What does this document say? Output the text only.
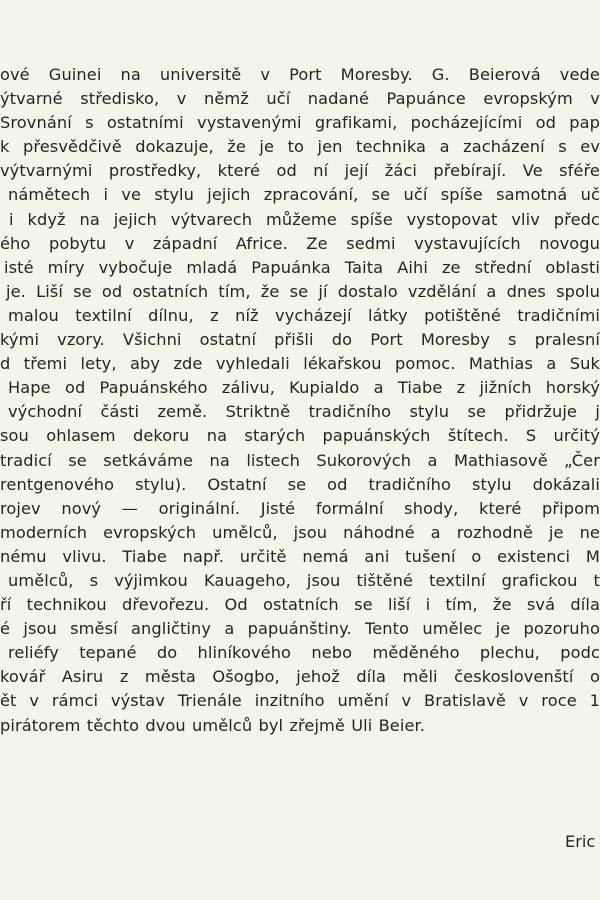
ové Guinei na universitě v Port Moresby. G. Beierová vede
ýtvarné středisko, v němž učí nadané Papuánce evropským v
Srovnání s ostatními vystavenými grafikami, pocházejícími od pap
k přesvědčivě dokazuje, že je to jen technika a zacházení s ev
výtvarnými prostředky, které od ní její žáci přebírají. Ve sféře
námětech i ve stylu jejich zpracování, se učí spíše samotná uč
i když na jejich výtvarech můžeme spíše vystopovat vliv předc
ého pobytu v západní Africe. Ze sedmi vystavujících novogu
isté míry vybočuje mladá Papuánka Taita Aihi ze střední oblasti
je. Liší se od ostatních tím, že se jí dostalo vzdělání a dnes spolu
malou textilní dílnu, z níž vycházejí látky potištěné tradičními
kými vzory. Všichni ostatní přišli do Port Moresby s pralesní
d třemi lety, aby zde vyhledali lékařskou pomoc. Mathias a Suk
Hape od Papuánského zálivu, Kupialdo a Tiabe z jižních horský
východní části země. Striktně tradičního stylu se přidržuje j
sou ohlasem dekoru na starých papuánských štítech. S určitý
tradicí se setkáváme na listech Sukorových a Mathiasově „Čer
rentgenového stylu). Ostatní se od tradičního stylu dokázali
rojev nový — originální. Jisté formální shody, které připom
moderních evropských umělců, jsou náhodné a rozhodně je ne
nému vlivu. Tiabe např. určitě nemá ani tušení o existenci M
umělců, s výjimkou Kauageho, jsou tištěné textilní grafickou t
ří technikou dřevořezu. Od ostatních se liší i tím, že svá díla
é jsou směsí angličtiny a papuánštiny. Tento umělec je pozoruho
reliéfy tepané do hliníkového nebo měděného plechu, podc
kovář Asiru z města Ošogbo, jehož díla měli českoslovenští o
ět v rámci výstav Trienále inzitního umění v Bratislavě v roce 1
pirátorem těchto dvou umělců byl zřejmě Uli Beier.
Eric
